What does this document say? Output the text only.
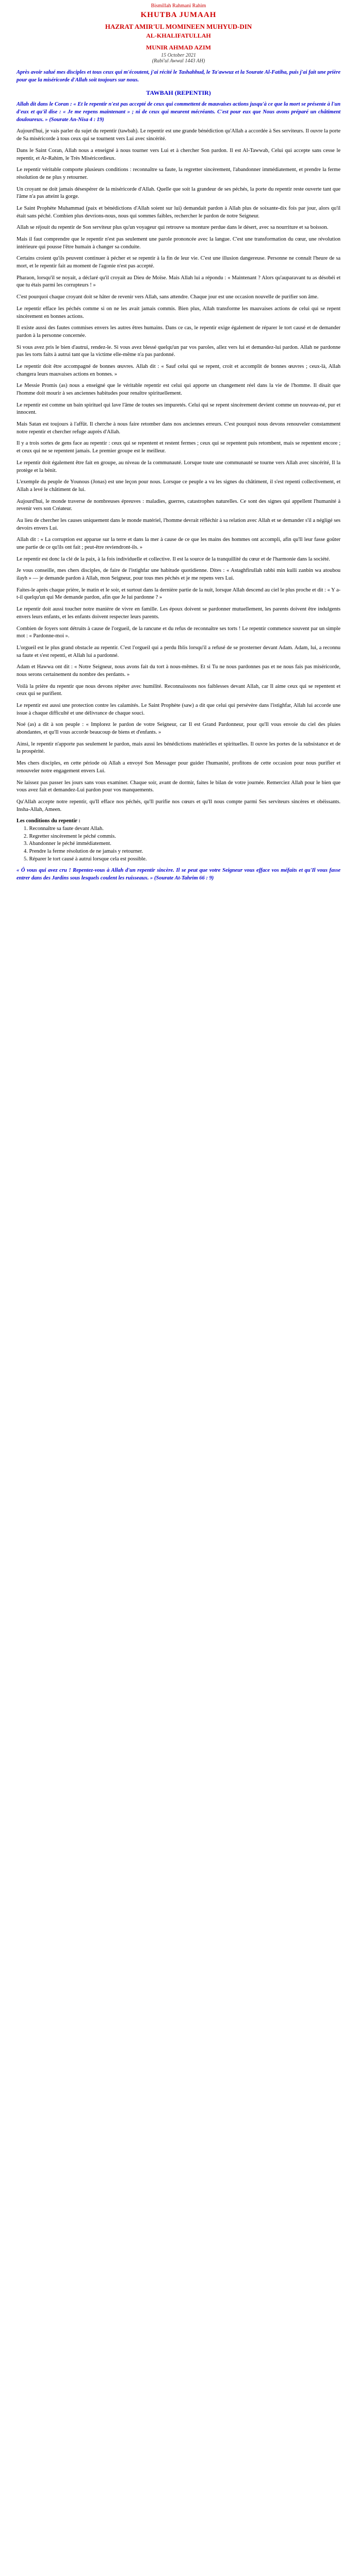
Bismillah Rahmani Rahim
KHUTBA JUMAAH
HAZRAT AMIR'UL MOMINEEN MUHYUD-DIN
AL-KHALIFATULLAH
MUNIR AHMAD AZIM
15 October 2021
(Rabi'ul Awwal 1443 AH)

Après avoir salué mes disciples et tous ceux qui m'écoutent, j'ai récité le Tashahhud, le Ta'awwuz et la Sourate Al-Fatiha, puis j'ai fait une prière pour que la miséricorde d'Allah soit toujours sur nous.

TAWBAH (REPENTIR)

Allah dit dans le Coran : « Et le repentir n'est pas accepté de ceux qui commettent de mauvaises actions jusqu'à ce que la mort se présente à l'un d'eux et qu'il dise : « Je me repens maintenant » ; ni de ceux qui meurent mécréants. C'est pour eux que Nous avons préparé un châtiment douloureux. » (Sourate An-Nisa 4 : 19)

Aujourd'hui, je vais parler du sujet du repentir (tawbah). Le repentir est une grande bénédiction qu'Allah a accordée à Ses serviteurs. Il ouvre la porte de Sa miséricorde à tous ceux qui se tournent vers Lui avec sincérité.

Dans le Saint Coran, Allah nous a enseigné à nous tourner vers Lui et à chercher Son pardon. Il est Al-Tawwab, Celui qui accepte sans cesse le repentir, et Ar-Rahim, le Très Miséricordieux.

Le repentir véritable comporte plusieurs conditions : reconnaître sa faute, la regretter sincèrement, l'abandonner immédiatement, et prendre la ferme résolution de ne plus y retourner.

Un croyant ne doit jamais désespérer de la miséricorde d'Allah. Quelle que soit la grandeur de ses péchés, la porte du repentir reste ouverte tant que l'âme n'a pas atteint la gorge.

Le Saint Prophète Muhammad (paix et bénédictions d'Allah soient sur lui) demandait pardon à Allah plus de soixante-dix fois par jour, alors qu'il était sans péché. Combien plus devrions-nous, nous qui sommes faibles, rechercher le pardon de notre Seigneur.

Allah se réjouit du repentir de Son serviteur plus qu'un voyageur qui retrouve sa monture perdue dans le désert, avec sa nourriture et sa boisson.

Mais il faut comprendre que le repentir n'est pas seulement une parole prononcée avec la langue. C'est une transformation du cœur, une révolution intérieure qui pousse l'être humain à changer sa conduite.

Certains croient qu'ils peuvent continuer à pécher et se repentir à la fin de leur vie. C'est une illusion dangereuse. Personne ne connaît l'heure de sa mort, et le repentir fait au moment de l'agonie n'est pas accepté.

Pharaon, lorsqu'il se noyait, a déclaré qu'il croyait au Dieu de Moïse. Mais Allah lui a répondu : « Maintenant ? Alors qu'auparavant tu as désobéi et que tu étais parmi les corrupteurs ! »

C'est pourquoi chaque croyant doit se hâter de revenir vers Allah, sans attendre. Chaque jour est une occasion nouvelle de purifier son âme.

Le repentir efface les péchés comme si on ne les avait jamais commis. Bien plus, Allah transforme les mauvaises actions de celui qui se repent sincèrement en bonnes actions.

Il existe aussi des fautes commises envers les autres êtres humains. Dans ce cas, le repentir exige également de réparer le tort causé et de demander pardon à la personne concernée.

Si vous avez pris le bien d'autrui, rendez-le. Si vous avez blessé quelqu'un par vos paroles, allez vers lui et demandez-lui pardon. Allah ne pardonne pas les torts faits à autrui tant que la victime elle-même n'a pas pardonné.

Le repentir doit être accompagné de bonnes œuvres. Allah dit : « Sauf celui qui se repent, croit et accomplit de bonnes œuvres ; ceux-là, Allah changera leurs mauvaises actions en bonnes. »

Le Messie Promis (as) nous a enseigné que le véritable repentir est celui qui apporte un changement réel dans la vie de l'homme. Il disait que l'homme doit mourir à ses anciennes habitudes pour renaître spirituellement.

Le repentir est comme un bain spirituel qui lave l'âme de toutes ses impuretés. Celui qui se repent sincèrement devient comme un nouveau-né, pur et innocent.

Mais Satan est toujours à l'affût. Il cherche à nous faire retomber dans nos anciennes erreurs. C'est pourquoi nous devons renouveler constamment notre repentir et chercher refuge auprès d'Allah.

Il y a trois sortes de gens face au repentir : ceux qui se repentent et restent fermes ; ceux qui se repentent puis retombent, mais se repentent encore ; et ceux qui ne se repentent jamais. Le premier groupe est le meilleur.

Le repentir doit également être fait en groupe, au niveau de la communauté. Lorsque toute une communauté se tourne vers Allah avec sincérité, Il la protège et la bénit.

L'exemple du peuple de Younous (Jonas) est une leçon pour nous. Lorsque ce peuple a vu les signes du châtiment, il s'est repenti collectivement, et Allah a levé le châtiment de lui.

Aujourd'hui, le monde traverse de nombreuses épreuves : maladies, guerres, catastrophes naturelles. Ce sont des signes qui appellent l'humanité à revenir vers son Créateur.

Au lieu de chercher les causes uniquement dans le monde matériel, l'homme devrait réfléchir à sa relation avec Allah et se demander s'il a négligé ses devoirs envers Lui.

Allah dit : « La corruption est apparue sur la terre et dans la mer à cause de ce que les mains des hommes ont accompli, afin qu'Il leur fasse goûter une partie de ce qu'ils ont fait ; peut-être reviendront-ils. »

Le repentir est donc la clé de la paix, à la fois individuelle et collective. Il est la source de la tranquillité du cœur et de l'harmonie dans la société.

Je vous conseille, mes chers disciples, de faire de l'istighfar une habitude quotidienne. Dites : « Astaghfirullah rabbi min kulli zanbin wa atoubou ilayh » — je demande pardon à Allah, mon Seigneur, pour tous mes péchés et je me repens vers Lui.

Faites-le après chaque prière, le matin et le soir, et surtout dans la dernière partie de la nuit, lorsque Allah descend au ciel le plus proche et dit : « Y a-t-il quelqu'un qui Me demande pardon, afin que Je lui pardonne ? »

Le repentir doit aussi toucher notre manière de vivre en famille. Les époux doivent se pardonner mutuellement, les parents doivent être indulgents envers leurs enfants, et les enfants doivent respecter leurs parents.

Combien de foyers sont détruits à cause de l'orgueil, de la rancune et du refus de reconnaître ses torts ! Le repentir commence souvent par un simple mot : « Pardonne-moi ».

L'orgueil est le plus grand obstacle au repentir. C'est l'orgueil qui a perdu Iblis lorsqu'il a refusé de se prosterner devant Adam. Adam, lui, a reconnu sa faute et s'est repenti, et Allah lui a pardonné.

Adam et Hawwa ont dit : « Notre Seigneur, nous avons fait du tort à nous-mêmes. Et si Tu ne nous pardonnes pas et ne nous fais pas miséricorde, nous serons certainement du nombre des perdants. »

Voilà la prière du repentir que nous devons répéter avec humilité. Reconnaissons nos faiblesses devant Allah, car Il aime ceux qui se repentent et ceux qui se purifient.

Le repentir est aussi une protection contre les calamités. Le Saint Prophète (saw) a dit que celui qui persévère dans l'istighfar, Allah lui accorde une issue à chaque difficulté et une délivrance de chaque souci.

Noé (as) a dit à son peuple : « Implorez le pardon de votre Seigneur, car Il est Grand Pardonneur, pour qu'Il vous envoie du ciel des pluies abondantes, et qu'Il vous accorde beaucoup de biens et d'enfants. »

Ainsi, le repentir n'apporte pas seulement le pardon, mais aussi les bénédictions matérielles et spirituelles. Il ouvre les portes de la subsistance et de la prospérité.

Mes chers disciples, en cette période où Allah a envoyé Son Messager pour guider l'humanité, profitons de cette occasion pour nous purifier et renouveler notre engagement envers Lui.

Ne laissez pas passer les jours sans vous examiner. Chaque soir, avant de dormir, faites le bilan de votre journée. Remerciez Allah pour le bien que vous avez fait et demandez-Lui pardon pour vos manquements.

Qu'Allah accepte notre repentir, qu'Il efface nos péchés, qu'Il purifie nos cœurs et qu'Il nous compte parmi Ses serviteurs sincères et obéissants. Insha-Allah, Ameen.

Les conditions du repentir :
1. Reconnaître sa faute devant Allah.
2. Regretter sincèrement le péché commis.
3. Abandonner le péché immédiatement.
4. Prendre la ferme résolution de ne jamais y retourner.
5. Réparer le tort causé à autrui lorsque cela est possible.

« Ô vous qui avez cru ! Repentez-vous à Allah d'un repentir sincère. Il se peut que votre Seigneur vous efface vos méfaits et qu'Il vous fasse entrer dans des Jardins sous lesquels coulent les ruisseaux. » (Sourate At-Tahrim 66 : 9)
